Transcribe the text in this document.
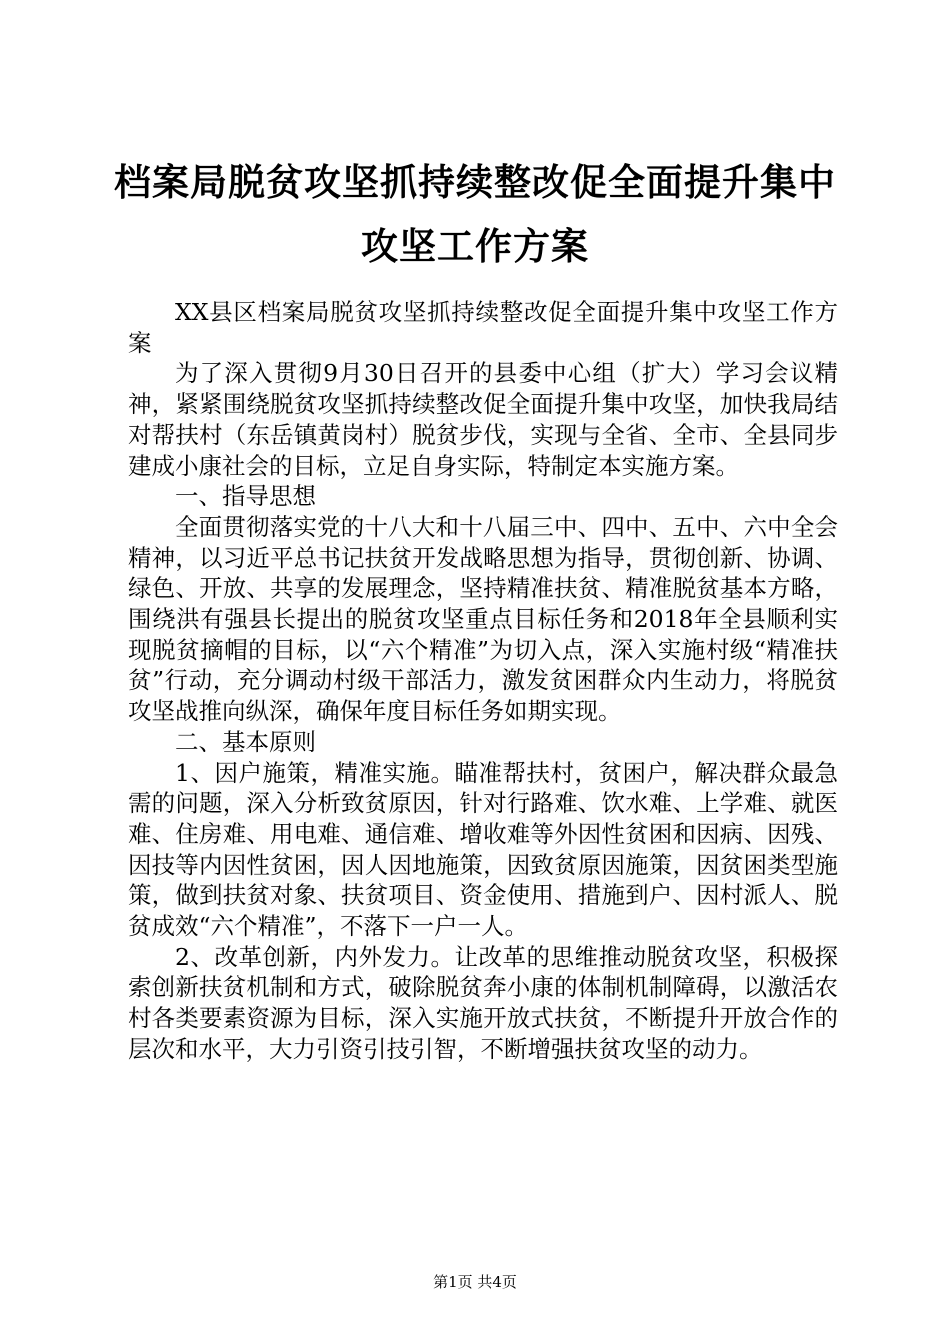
档案局脱贫攻坚抓持续整改促全面提升集中攻坚工作方案

XX县区档案局脱贫攻坚抓持续整改促全面提升集中攻坚工作方案

为了深入贯彻9月30日召开的县委中心组（扩大）学习会议精神，紧紧围绕脱贫攻坚抓持续整改促全面提升集中攻坚，加快我局结对帮扶村（东岳镇黄岗村）脱贫步伐，实现与全省、全市、全县同步建成小康社会的目标，立足自身实际，特制定本实施方案。

一、指导思想

全面贯彻落实党的十八大和十八届三中、四中、五中、六中全会精神，以习近平总书记扶贫开发战略思想为指导，贯彻创新、协调、绿色、开放、共享的发展理念，坚持精准扶贫、精准脱贫基本方略，围绕洪有强县长提出的脱贫攻坚重点目标任务和2018年全县顺利实现脱贫摘帽的目标，以“六个精准”为切入点，深入实施村级“精准扶贫”行动，充分调动村级干部活力，激发贫困群众内生动力，将脱贫攻坚战推向纵深，确保年度目标任务如期实现。

二、基本原则

1、因户施策，精准实施。瞄准帮扶村，贫困户，解决群众最急需的问题，深入分析致贫原因，针对行路难、饮水难、上学难、就医难、住房难、用电难、通信难、增收难等外因性贫困和因病、因残、因技等内因性贫困，因人因地施策，因致贫原因施策，因贫困类型施策，做到扶贫对象、扶贫项目、资金使用、措施到户、因村派人、脱贫成效“六个精准”，不落下一户一人。

2、改革创新，内外发力。让改革的思维推动脱贫攻坚，积极探索创新扶贫机制和方式，破除脱贫奔小康的体制机制障碍，以激活农村各类要素资源为目标，深入实施开放式扶贫，不断提升开放合作的层次和水平，大力引资引技引智，不断增强扶贫攻坚的动力。

第1页 共4页
